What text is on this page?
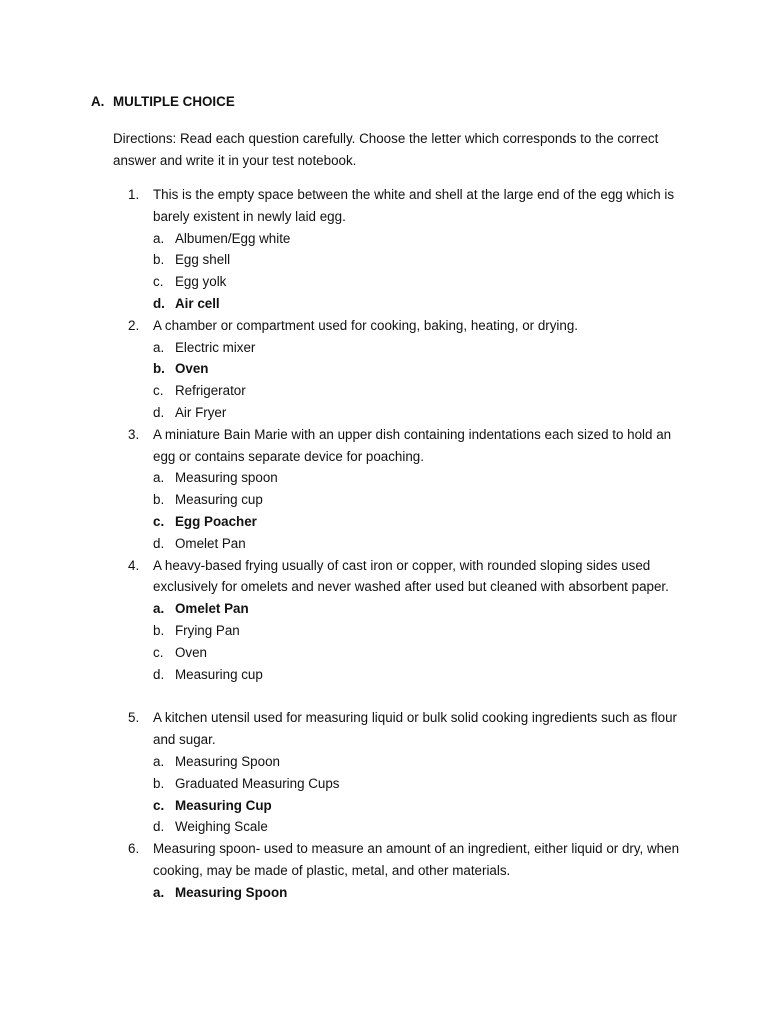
A. MULTIPLE CHOICE
Directions: Read each question carefully. Choose the letter which corresponds to the correct answer and write it in your test notebook.
1.	This is the empty space between the white and shell at the large end of the egg which is barely existent in newly laid egg.
a. Albumen/Egg white
b. Egg shell
c. Egg yolk
d. Air cell
2.	A chamber or compartment used for cooking, baking, heating, or drying.
a. Electric mixer
b. Oven
c. Refrigerator
d. Air Fryer
3.	A miniature Bain Marie with an upper dish containing indentations each sized to hold an egg or contains separate device for poaching.
a. Measuring spoon
b. Measuring cup
c. Egg Poacher
d. Omelet Pan
4.	A heavy-based frying usually of cast iron or copper, with rounded sloping sides used exclusively for omelets and never washed after used but cleaned with absorbent paper.
a. Omelet Pan
b. Frying Pan
c. Oven
d. Measuring cup
5.	A kitchen utensil used for measuring liquid or bulk solid cooking ingredients such as flour and sugar.
a. Measuring Spoon
b. Graduated Measuring Cups
c. Measuring Cup
d. Weighing Scale
6.	Measuring spoon- used to measure an amount of an ingredient, either liquid or dry, when cooking, may be made of plastic, metal, and other materials.
a. Measuring Spoon
